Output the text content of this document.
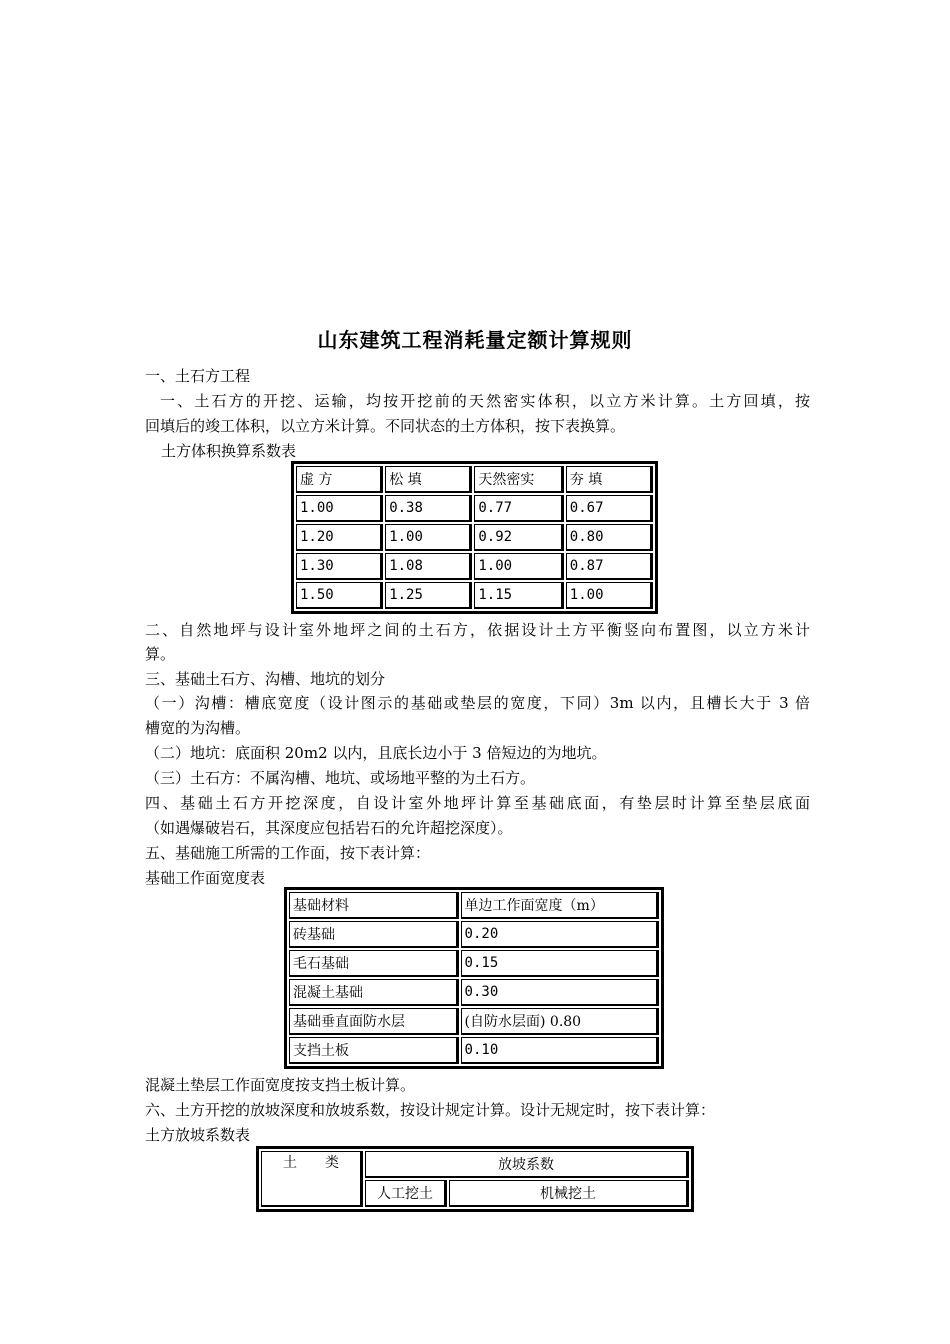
山东建筑工程消耗量定额计算规则
一、土石方工程
一、土石方的开挖、运输，均按开挖前的天然密实体积，以立方米计算。土方回填，按
回填后的竣工体积，以立方米计算。不同状态的土方体积，按下表换算。
土方体积换算系数表
虚 方	松 填	天然密实	夯 填
1.00	0.38	0.77	0.67
1.20	1.00	0.92	0.80
1.30	1.08	1.00	0.87
1.50	1.25	1.15	1.00
二、自然地坪与设计室外地坪之间的土石方，依据设计土方平衡竖向布置图，以立方米计
算。
三、基础土石方、沟槽、地坑的划分
（一）沟槽：槽底宽度（设计图示的基础或垫层的宽度，下同）3m 以内，且槽长大于 3 倍
槽宽的为沟槽。
（二）地坑：底面积 20m2 以内，且底长边小于 3 倍短边的为地坑。
（三）土石方：不属沟槽、地坑、或场地平整的为土石方。
四、基础土石方开挖深度，自设计室外地坪计算至基础底面，有垫层时计算至垫层底面
（如遇爆破岩石，其深度应包括岩石的允许超挖深度）。
五、基础施工所需的工作面，按下表计算：
基础工作面宽度表
基础材料	单边工作面宽度（m）
砖基础	0.20
毛石基础	0.15
混凝土基础	0.30
基础垂直面防水层	(自防水层面) 0.80
支挡土板	0.10
混凝土垫层工作面宽度按支挡土板计算。
六、土方开挖的放坡深度和放坡系数，按设计规定计算。设计无规定时，按下表计算：
土方放坡系数表
土　　类	放坡系数	
	人工挖土	机械挖土
